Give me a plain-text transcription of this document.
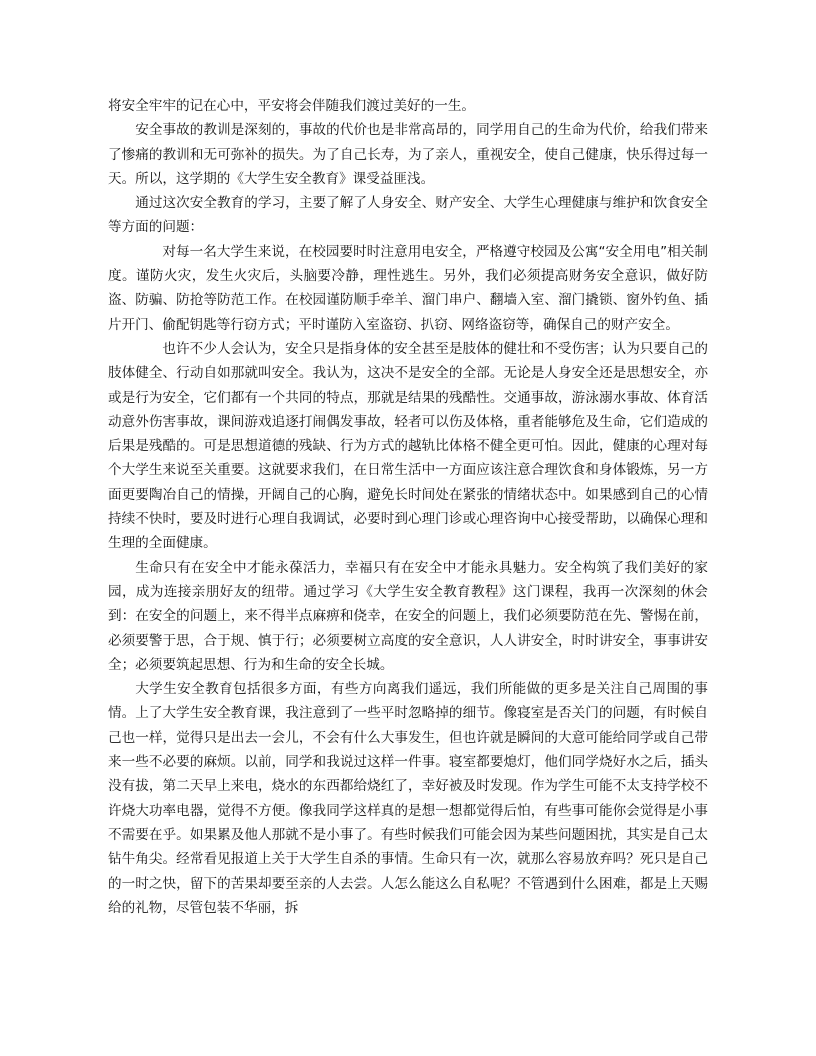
将安全牢牢的记在心中，平安将会伴随我们渡过美好的一生。

安全事故的教训是深刻的，事故的代价也是非常高昂的，同学用自己的生命为代价，给我们带来了惨痛的教训和无可弥补的损失。为了自己长寿，为了亲人，重视安全，使自己健康，快乐得过每一天。所以，这学期的《大学生安全教育》课受益匪浅。

通过这次安全教育的学习，主要了解了人身安全、财产安全、大学生心理健康与维护和饮食安全等方面的问题：

对每一名大学生来说，在校园要时时注意用电安全，严格遵守校园及公寓“安全用电”相关制度。谨防火灾，发生火灾后，头脑要冷静，理性逃生。另外，我们必须提高财务安全意识，做好防盗、防骗、防抢等防范工作。在校园谨防顺手牵羊、溜门串户、翻墙入室、溜门撬锁、窗外钓鱼、插片开门、偷配钥匙等行窃方式；平时谨防入室盗窃、扒窃、网络盗窃等，确保自己的财产安全。

也许不少人会认为，安全只是指身体的安全甚至是肢体的健壮和不受伤害；认为只要自己的肢体健全、行动自如那就叫安全。我认为，这决不是安全的全部。无论是人身安全还是思想安全，亦或是行为安全，它们都有一个共同的特点，那就是结果的残酷性。交通事故，游泳溺水事故、体育活动意外伤害事故，课间游戏追逐打闹偶发事故，轻者可以伤及体格，重者能够危及生命，它们造成的后果是残酷的。可是思想道德的残缺、行为方式的越轨比体格不健全更可怕。因此，健康的心理对每个大学生来说至关重要。这就要求我们，在日常生活中一方面应该注意合理饮食和身体锻炼，另一方面更要陶冶自己的情操，开阔自己的心胸，避免长时间处在紧张的情绪状态中。如果感到自己的心情持续不快时，要及时进行心理自我调试，必要时到心理门诊或心理咨询中心接受帮助，以确保心理和生理的全面健康。

生命只有在安全中才能永葆活力，幸福只有在安全中才能永具魅力。安全构筑了我们美好的家园，成为连接亲朋好友的纽带。通过学习《大学生安全教育教程》这门课程，我再一次深刻的休会到：在安全的问题上，来不得半点麻痹和侥幸，在安全的问题上，我们必须要防范在先、警惕在前，必须要警于思，合于规、慎于行；必须要树立高度的安全意识，人人讲安全，时时讲安全，事事讲安全；必须要筑起思想、行为和生命的安全长城。

大学生安全教育包括很多方面，有些方向离我们遥远，我们所能做的更多是关注自己周围的事情。上了大学生安全教育课，我注意到了一些平时忽略掉的细节。像寝室是否关门的问题，有时候自己也一样，觉得只是出去一会儿，不会有什么大事发生，但也许就是瞬间的大意可能给同学或自己带来一些不必要的麻烦。以前，同学和我说过这样一件事。寝室都要熄灯，他们同学烧好水之后，插头没有拔，第二天早上来电，烧水的东西都给烧红了，幸好被及时发现。作为学生可能不太支持学校不许烧大功率电器，觉得不方便。像我同学这样真的是想一想都觉得后怕，有些事可能你会觉得是小事不需要在乎。如果累及他人那就不是小事了。有些时候我们可能会因为某些问题困扰，其实是自己太钻牛角尖。经常看见报道上关于大学生自杀的事情。生命只有一次，就那么容易放弃吗？死只是自己的一时之快，留下的苦果却要至亲的人去尝。人怎么能这么自私呢？不管遇到什么困难，都是上天赐给的礼物，尽管包装不华丽，拆
